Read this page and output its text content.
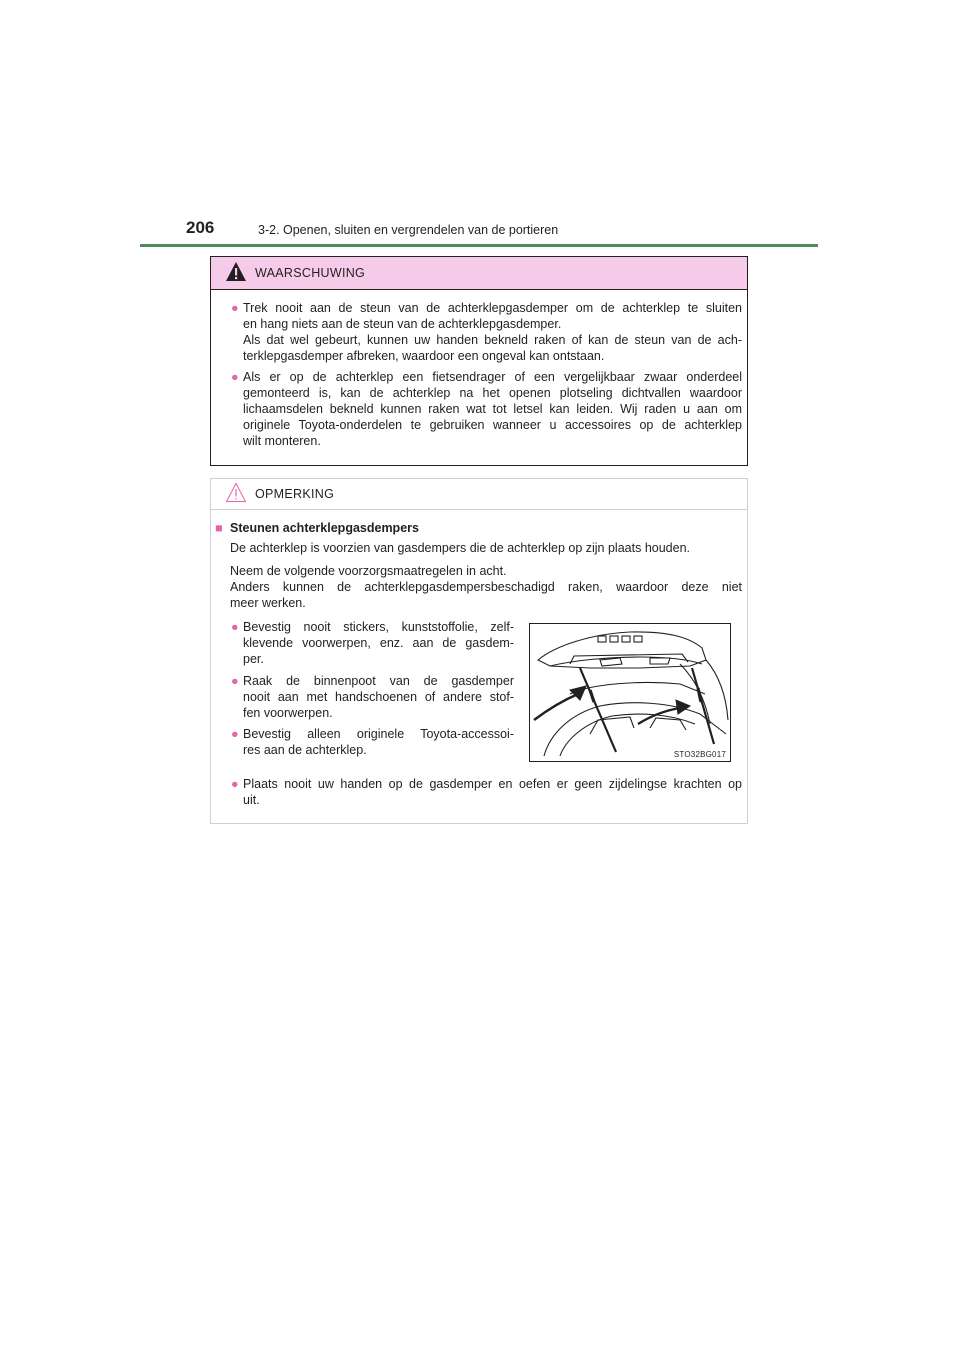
206	3-2. Openen, sluiten en vergrendelen van de portieren
WAARSCHUWING
● Trek nooit aan de steun van de achterklepgasdemper om de achterklep te sluiten
en hang niets aan de steun van de achterklepgasdemper.
Als dat wel gebeurt, kunnen uw handen bekneld raken of kan de steun van de ach-
terklepgasdemper afbreken, waardoor een ongeval kan ontstaan.
● Als er op de achterklep een fietsendrager of een vergelijkbaar zwaar onderdeel
gemonteerd is, kan de achterklep na het openen plotseling dichtvallen waardoor
lichaamsdelen bekneld kunnen raken wat tot letsel kan leiden. Wij raden u aan om
originele Toyota-onderdelen te gebruiken wanneer u accessoires op de achterklep
wilt monteren.
OPMERKING
■ Steunen achterklepgasdempers
De achterklep is voorzien van gasdempers die de achterklep op zijn plaats houden.
Neem de volgende voorzorgsmaatregelen in acht.
Anders kunnen de achterklepgasdempersbeschadigd raken, waardoor deze niet
meer werken.
● Bevestig nooit stickers, kunststoffolie, zelf-
klevende voorwerpen, enz. aan de gasdem-
per.
● Raak de binnenpoot van de gasdemper
nooit aan met handschoenen of andere stof-
fen voorwerpen.
● Bevestig alleen originele Toyota-accessoi-
res aan de achterklep.
● Plaats nooit uw handen op de gasdemper en oefen er geen zijdelingse krachten op
uit.
STO32BG017
